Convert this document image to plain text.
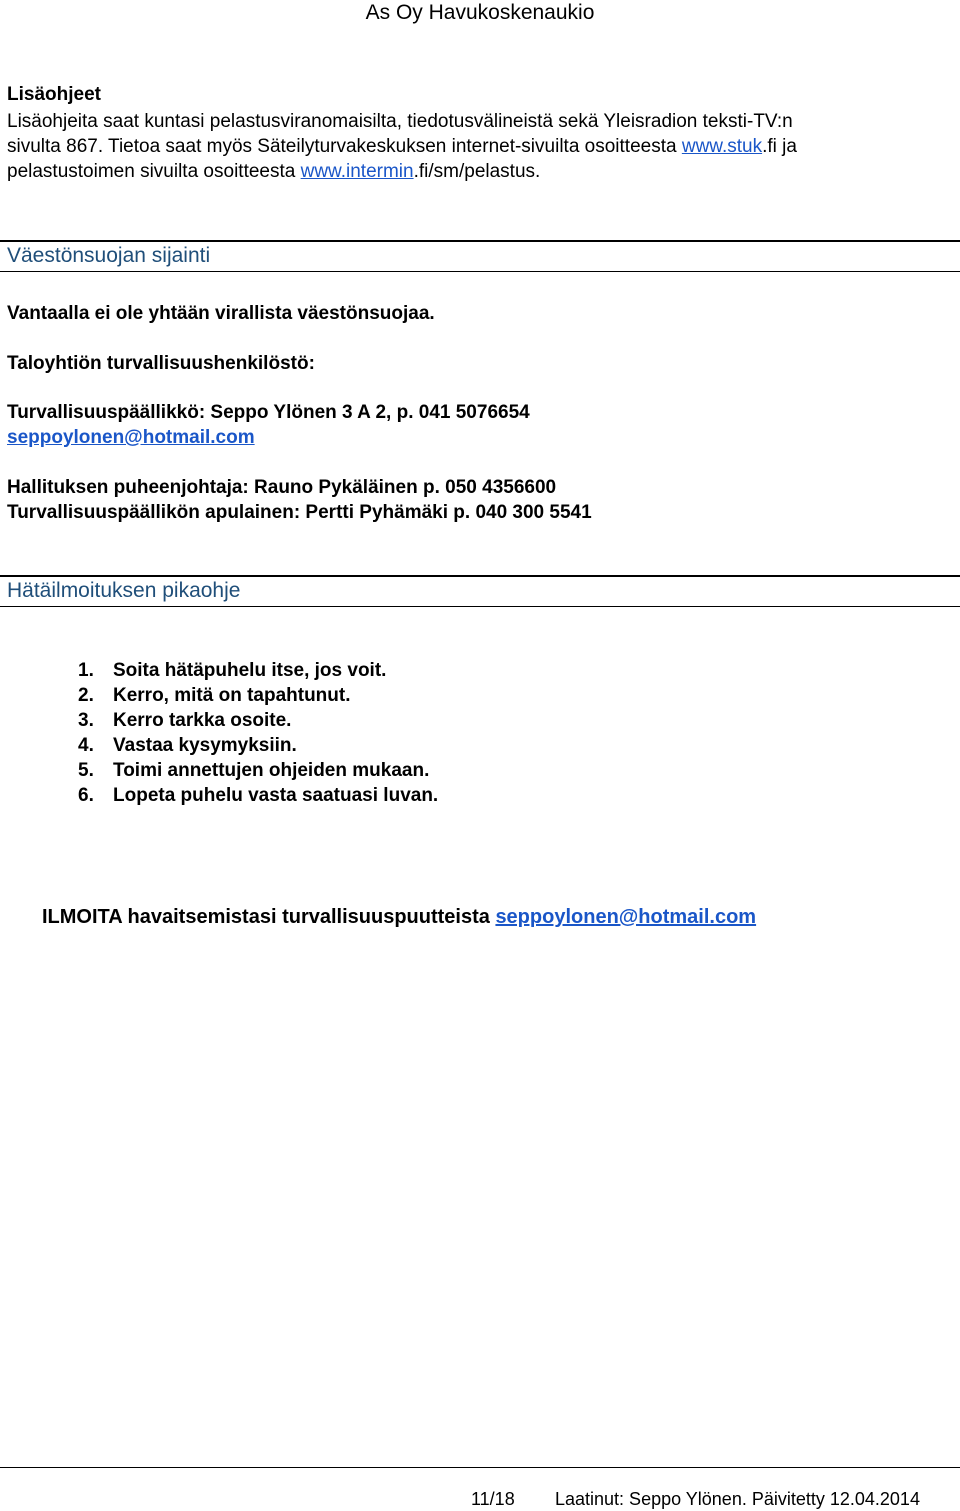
As Oy Havukoskenaukio
Lisäohjeet
Lisäohjeita saat kuntasi pelastusviranomaisilta, tiedotusvälineistä sekä Yleisradion teksti-TV:n
sivulta 867. Tietoa saat myös Säteilyturvakeskuksen internet-sivuilta osoitteesta www.stuk.fi ja
pelastustoimen sivuilta osoitteesta www.intermin.fi/sm/pelastus.
Väestönsuojan sijainti
Vantaalla ei ole yhtään virallista väestönsuojaa.
Taloyhtiön turvallisuushenkilöstö:
Turvallisuuspäällikkö: Seppo Ylönen 3 A 2, p. 041 5076654
seppoylonen@hotmail.com
Hallituksen puheenjohtaja: Rauno Pykäläinen p. 050 4356600
Turvallisuuspäällikön apulainen: Pertti Pyhämäki p. 040 300 5541
Hätäilmoituksen pikaohje
1. Soita hätäpuhelu itse, jos voit.
2. Kerro, mitä on tapahtunut.
3. Kerro tarkka osoite.
4. Vastaa kysymyksiin.
5. Toimi annettujen ohjeiden mukaan.
6. Lopeta puhelu vasta saatuasi luvan.
ILMOITA havaitsemistasi turvallisuuspuutteista seppoylonen@hotmail.com
11/18 Laatinut: Seppo Ylönen. Päivitetty 12.04.2014
